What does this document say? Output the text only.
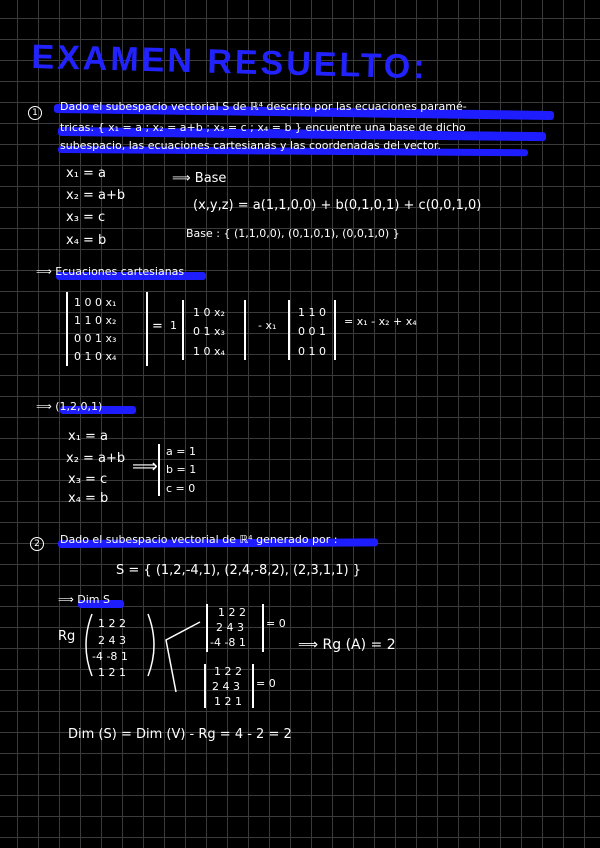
EXAMEN RESUELTO:
1	Dado el subespacio vectorial S de ℝ⁴ descrito por las ecuaciones paramé-
tricas: { x₁ = a ; x₂ = a+b ; x₃ = c ; x₄ = b } encuentre una base de dicho
subespacio, las ecuaciones cartesianas y las coordenadas del vector.
x₁ = a
x₂ = a+b
x₃ = c
x₄ = b
⟹ Base
(x,y,z) = a(1,1,0,0) + b(0,1,0,1) + c(0,0,1,0)
Base : { (1,1,0,0), (0,1,0,1), (0,0,1,0) }
⟹ Ecuaciones cartesianas
1 0 0 x₁
1 1 0 x₂
0 0 1 x₃
0 1 0 x₄
= 1
1 0 x₂
0 1 x₃
1 0 x₄
- x₁
1 1 0
0 0 1
0 1 0
= x₁ - x₂ + x₄
⟹ (1,2,0,1)
x₁ = a
x₂ = a+b
x₃ = c
x₄ = b
⟹
a = 1
b = 1
c = 0
2	Dado el subespacio vectorial de ℝ⁴ generado por :
S = { (1,2,-4,1), (2,4,-8,2), (2,3,1,1) }
⟹ Dim S
Rg
1 2 2
2 4 3
-4 -8 1
1 2 1
1 2 2
2 4 3
-4 -8 1
= 0
⟹ Rg (A) = 2
1 2 2
2 4 3
1 2 1
= 0
Dim (S) = Dim (V) - Rg = 4 - 2 = 2
